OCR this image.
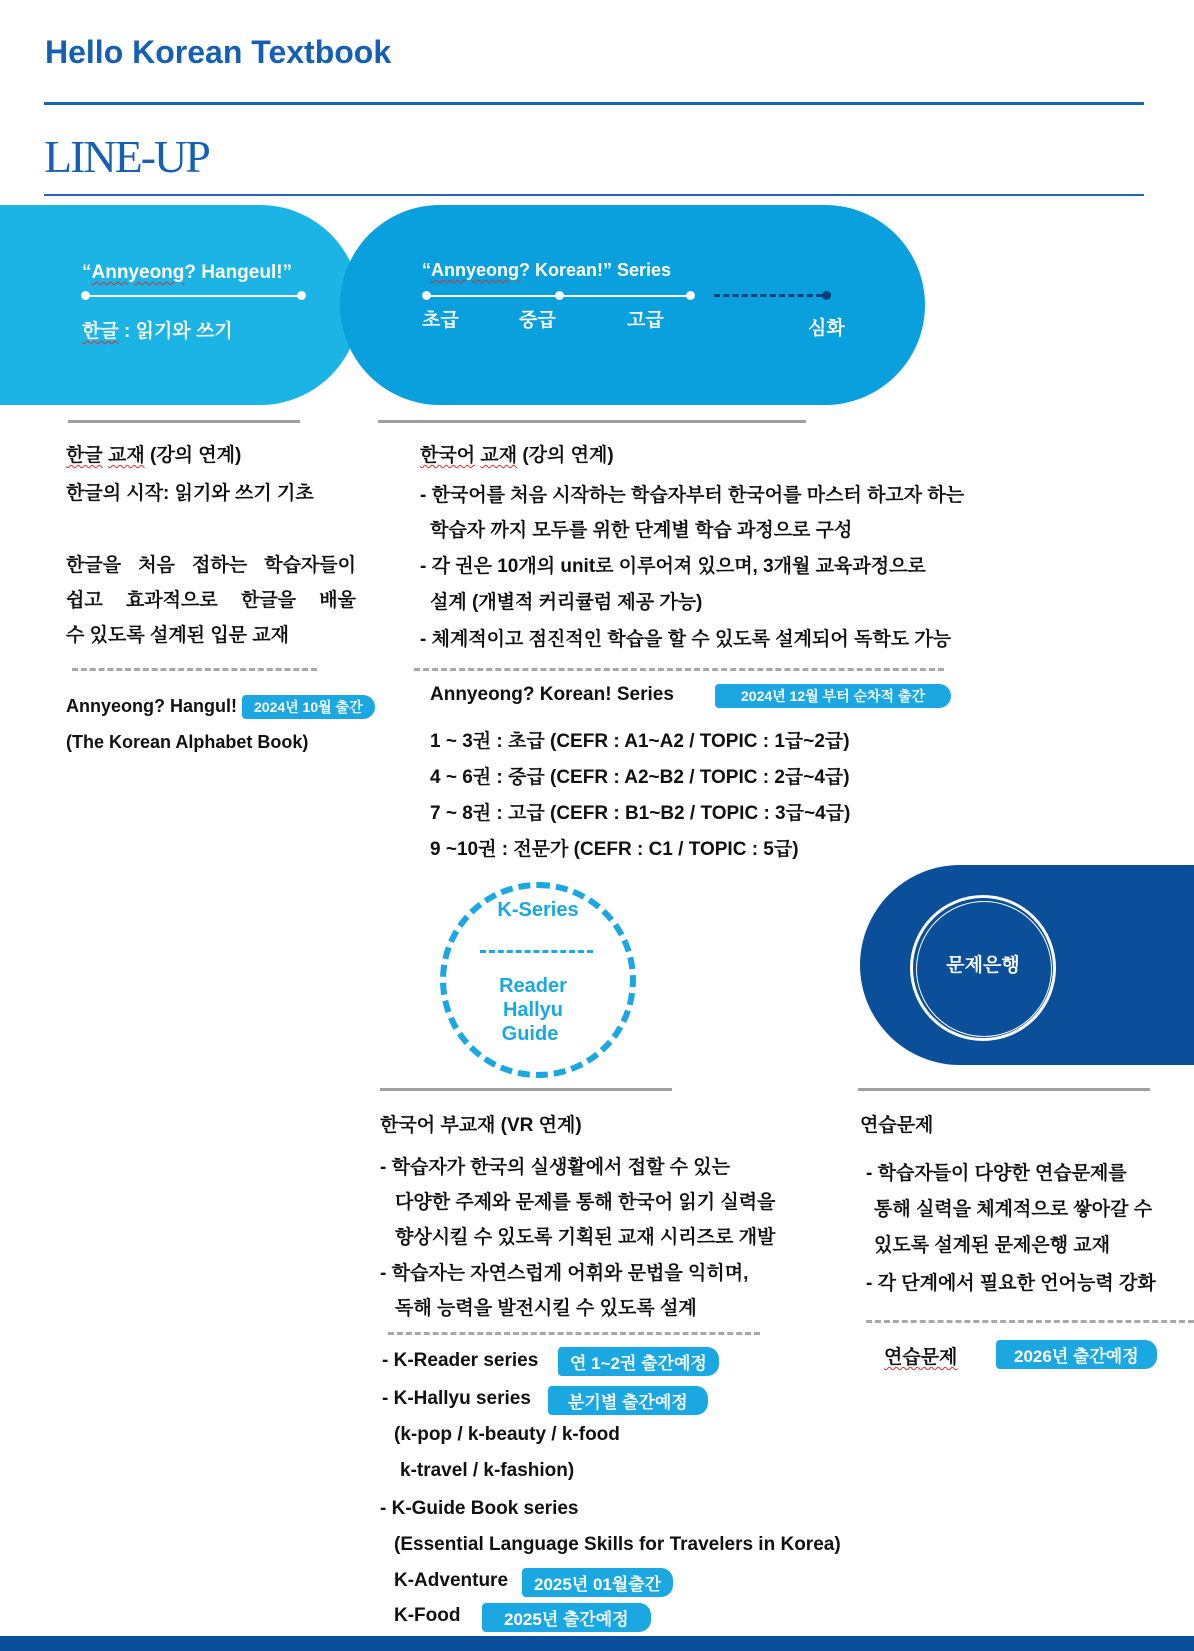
Hello Korean Textbook
LINE-UP
“Annyeong? Hangeul!”
한글 : 읽기와 쓰기
“Annyeong? Korean!” Series
초급	중급	고급	심화
한글 교재 (강의 연계)
한글의 시작: 읽기와 쓰기 기초
한글을 처음 접하는 학습자들이
쉽고 효과적으로 한글을 배울
수 있도록 설계된 입문 교재
Annyeong? Hangul! 2024년 10월 출간
(The Korean Alphabet Book)
한국어 교재 (강의 연계)
- 한국어를 처음 시작하는 학습자부터 한국어를 마스터 하고자 하는
학습자 까지 모두를 위한 단계별 학습 과정으로 구성
- 각 권은 10개의 unit로 이루어져 있으며, 3개월 교육과정으로
설계 (개별적 커리큘럼 제공 가능)
- 체계적이고 점진적인 학습을 할 수 있도록 설계되어 독학도 가능
Annyeong? Korean! Series	2024년 12월 부터 순차적 출간
1 ~ 3권 : 초급 (CEFR : A1~A2 / TOPIC : 1급~2급)
4 ~ 6권 : 중급 (CEFR : A2~B2 / TOPIC : 2급~4급)
7 ~ 8권 : 고급 (CEFR : B1~B2 / TOPIC : 3급~4급)
9 ~10권 : 전문가 (CEFR : C1 / TOPIC : 5급)
K-Series
Reader
Hallyu
Guide
문제은행
한국어 부교재 (VR 연계)
- 학습자가 한국의 실생활에서 접할 수 있는
다양한 주제와 문제를 통해 한국어 읽기 실력을
향상시킬 수 있도록 기획된 교재 시리즈로 개발
- 학습자는 자연스럽게 어휘와 문법을 익히며,
독해 능력을 발전시킬 수 있도록 설계
- K-Reader series	연 1~2권 출간예정
- K-Hallyu series	분기별 출간예정
(k-pop / k-beauty / k-food
k-travel / k-fashion)
- K-Guide Book series
(Essential Language Skills for Travelers in Korea)
K-Adventure	2025년 01월출간
K-Food	2025년 출간예정
연습문제
- 학습자들이 다양한 연습문제를
통해 실력을 체계적으로 쌓아갈 수
있도록 설계된 문제은행 교재
- 각 단계에서 필요한 언어능력 강화
연습문제	2026년 출간예정
